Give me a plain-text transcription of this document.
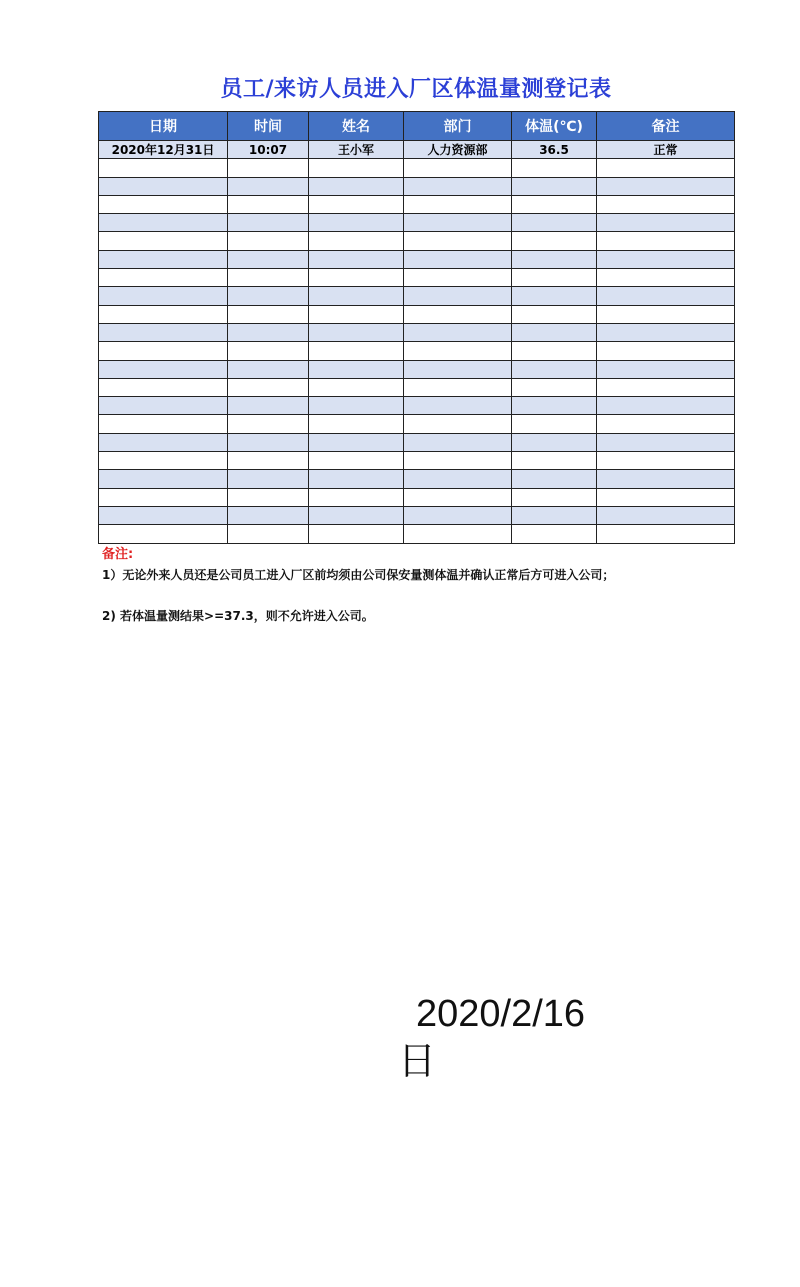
员工/来访人员进入厂区体温量测登记表
日期	时间	姓名	部门	体温(℃)	备注
2020年12月31日	10:07	王小军	人力资源部	36.5	正常

备注:
1）无论外来人员还是公司员工进入厂区前均须由公司保安量测体温并确认正常后方可进入公司；
2) 若体温量测结果>=37.3，则不允许进入公司。
2020/2/16
日
